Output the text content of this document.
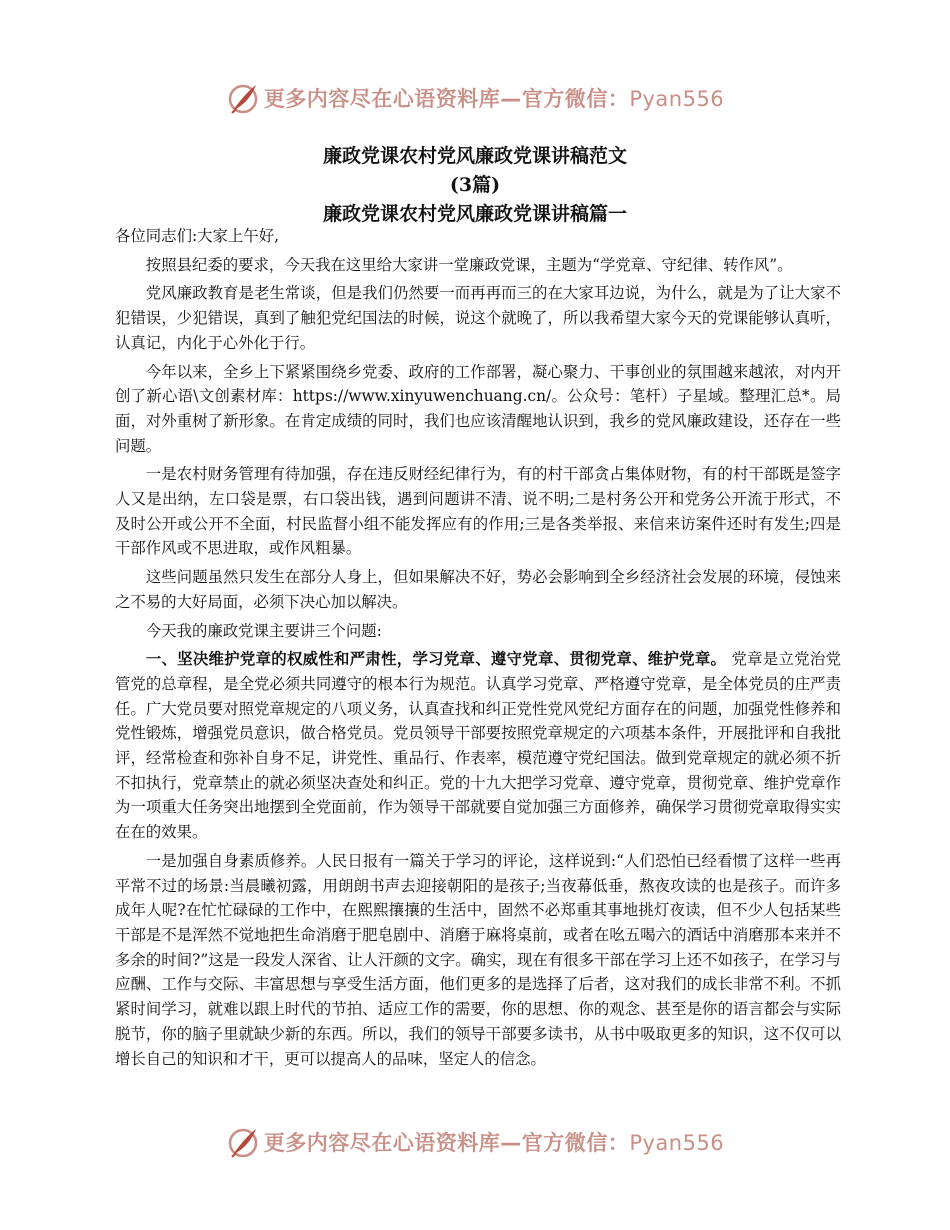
更多内容尽在心语资料库—官方微信：Pyan556
廉政党课农村党风廉政党课讲稿范文
(3篇)
廉政党课农村党风廉政党课讲稿篇一

各位同志们:大家上午好,

按照县纪委的要求，今天我在这里给大家讲一堂廉政党课，主题为“学党章、守纪律、转作风”。

党风廉政教育是老生常谈，但是我们仍然要一而再再而三的在大家耳边说，为什么，就是为了让大家不犯错误，少犯错误，真到了触犯党纪国法的时候，说这个就晚了，所以我希望大家今天的党课能够认真听，认真记，内化于心外化于行。

今年以来，全乡上下紧紧围绕乡党委、政府的工作部署，凝心聚力、干事创业的氛围越来越浓，对内开创了新心语\文创素材库：https://www.xinyuwenchuang.cn/。公众号：笔杆）子星域。整理汇总*。局面，对外重树了新形象。在肯定成绩的同时，我们也应该清醒地认识到，我乡的党风廉政建设，还存在一些问题。

一是农村财务管理有待加强，存在违反财经纪律行为，有的村干部贪占集体财物，有的村干部既是签字人又是出纳，左口袋是票，右口袋出钱，遇到问题讲不清、说不明;二是村务公开和党务公开流于形式，不及时公开或公开不全面，村民监督小组不能发挥应有的作用;三是各类举报、来信来访案件还时有发生;四是干部作风或不思进取，或作风粗暴。

这些问题虽然只发生在部分人身上，但如果解决不好，势必会影响到全乡经济社会发展的环境，侵蚀来之不易的大好局面，必须下决心加以解决。

今天我的廉政党课主要讲三个问题:

一、坚决维护党章的权威性和严肃性，学习党章、遵守党章、贯彻党章、维护党章。 党章是立党治党管党的总章程，是全党必须共同遵守的根本行为规范。认真学习党章、严格遵守党章，是全体党员的庄严责任。广大党员要对照党章规定的八项义务，认真查找和纠正党性党风党纪方面存在的问题，加强党性修养和党性锻炼，增强党员意识，做合格党员。党员领导干部要按照党章规定的六项基本条件，开展批评和自我批评，经常检查和弥补自身不足，讲党性、重品行、作表率，模范遵守党纪国法。做到党章规定的就必须不折不扣执行，党章禁止的就必须坚决查处和纠正。党的十九大把学习党章、遵守党章，贯彻党章、维护党章作为一项重大任务突出地摆到全党面前，作为领导干部就要自觉加强三方面修养，确保学习贯彻党章取得实实在在的效果。

一是加强自身素质修养。人民日报有一篇关于学习的评论，这样说到:“人们恐怕已经看惯了这样一些再平常不过的场景:当晨曦初露，用朗朗书声去迎接朝阳的是孩子;当夜幕低垂，熬夜攻读的也是孩子。而许多成年人呢?在忙忙碌碌的工作中，在熙熙攘攘的生活中，固然不必郑重其事地挑灯夜读，但不少人包括某些干部是不是浑然不觉地把生命消磨于肥皂剧中、消磨于麻将桌前，或者在吆五喝六的酒话中消磨那本来并不多余的时间?”这是一段发人深省、让人汗颜的文字。确实，现在有很多干部在学习上还不如孩子，在学习与应酬、工作与交际、丰富思想与享受生活方面，他们更多的是选择了后者，这对我们的成长非常不利。不抓紧时间学习，就难以跟上时代的节拍、适应工作的需要，你的思想、你的观念、甚至是你的语言都会与实际脱节，你的脑子里就缺少新的东西。所以，我们的领导干部要多读书，从书中吸取更多的知识，这不仅可以增长自己的知识和才干，更可以提高人的品味，坚定人的信念。

更多内容尽在心语资料库—官方微信：Pyan556
